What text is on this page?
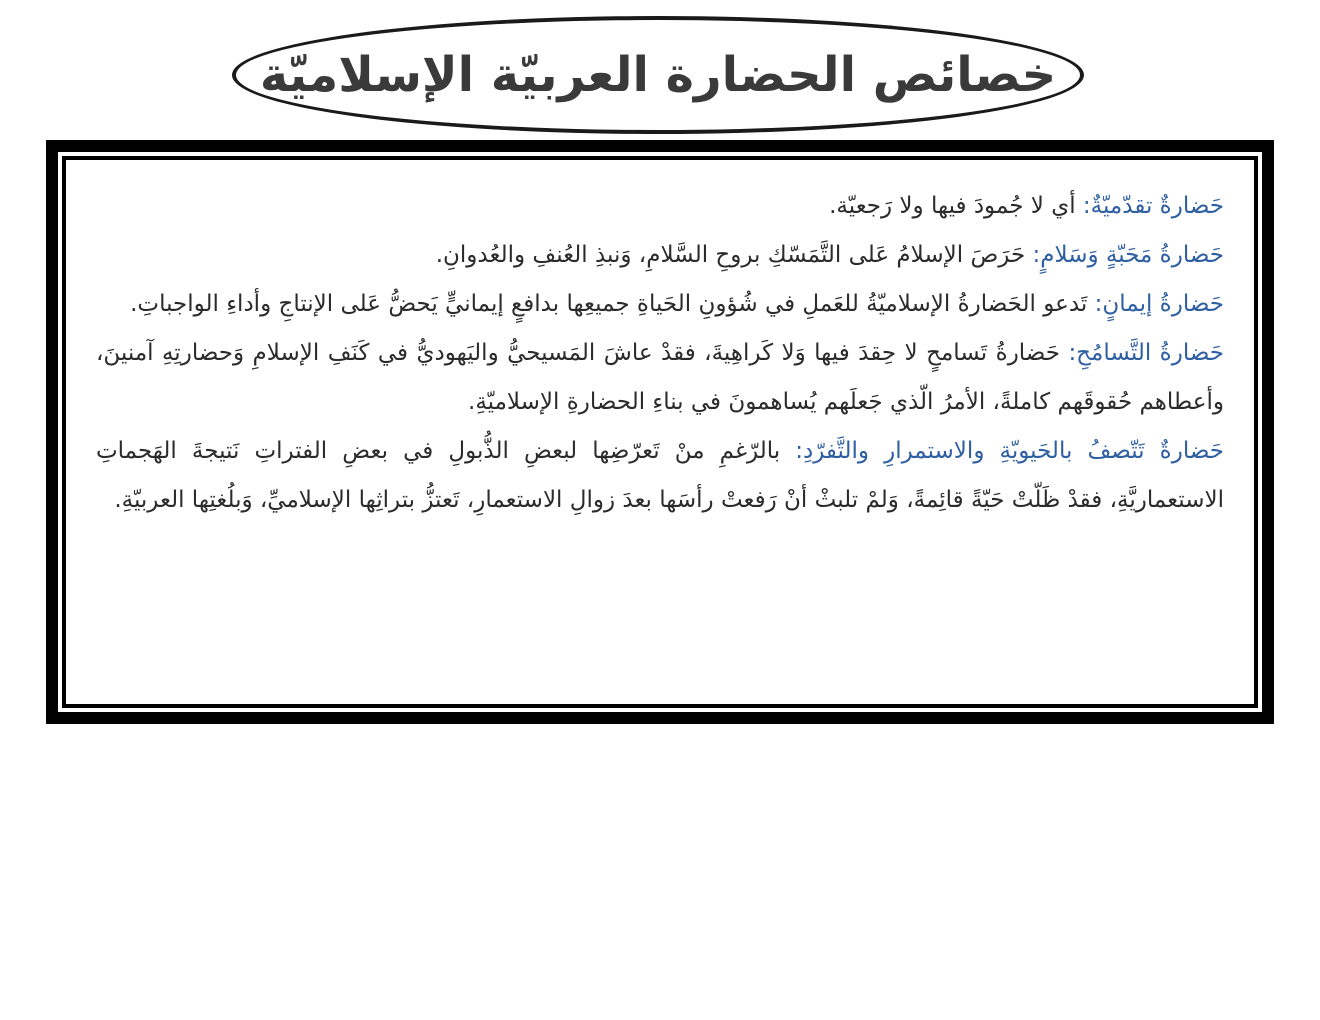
خصائص الحضارة العربيّة الإسلاميّة

حَضارةٌ تقدّميّةٌ: أي لا جُمودَ فيها ولا رَجعيّة.

حَضارةُ مَحَبّةٍ وَسَلامٍ: حَرَصَ الإسلامُ عَلى التَّمَسّكِ بروحِ السَّلامِ، وَنبذِ العُنفِ والعُدوانِ.

حَضارةُ إيمانٍ: تَدعو الحَضارةُ الإسلاميّةُ للعَملِ في شُؤونِ الحَياةِ جميعِها بدافعٍ إيمانيٍّ يَحضُّ عَلى الإنتاجِ وأداءِ الواجباتِ.

حَضارةُ التَّسامُحِ: حَضارةُ تَسامحٍ لا حِقدَ فيها وَلا كَراهِيةَ، فقدْ عاشَ المَسيحيُّ واليَهوديُّ في كَنَفِ الإسلامِ وَحضارتِهِ آمنينَ، وأعطاهم حُقوقَهم كاملةً، الأمرُ الّذي جَعلَهم يُساهمونَ في بناءِ الحضارةِ الإسلاميّةِ.

حَضارةٌ تَتّصفُ بالحَيويّةِ والاستمرارِ والتَّفرّدِ: بالرّغمِ منْ تَعرّضِها لبعضِ الذُّبولِ في بعضِ الفتراتِ نَتيجةَ الهَجماتِ الاستعماريَّةِ، فقدْ ظَلّتْ حَيّةً قائِمةً، وَلمْ تلبثْ أنْ رَفعتْ رأسَها بعدَ زوالِ الاستعمارِ، تَعتزُّ بتراثِها الإسلاميِّ، وَبلُغتِها العربيّةِ.
